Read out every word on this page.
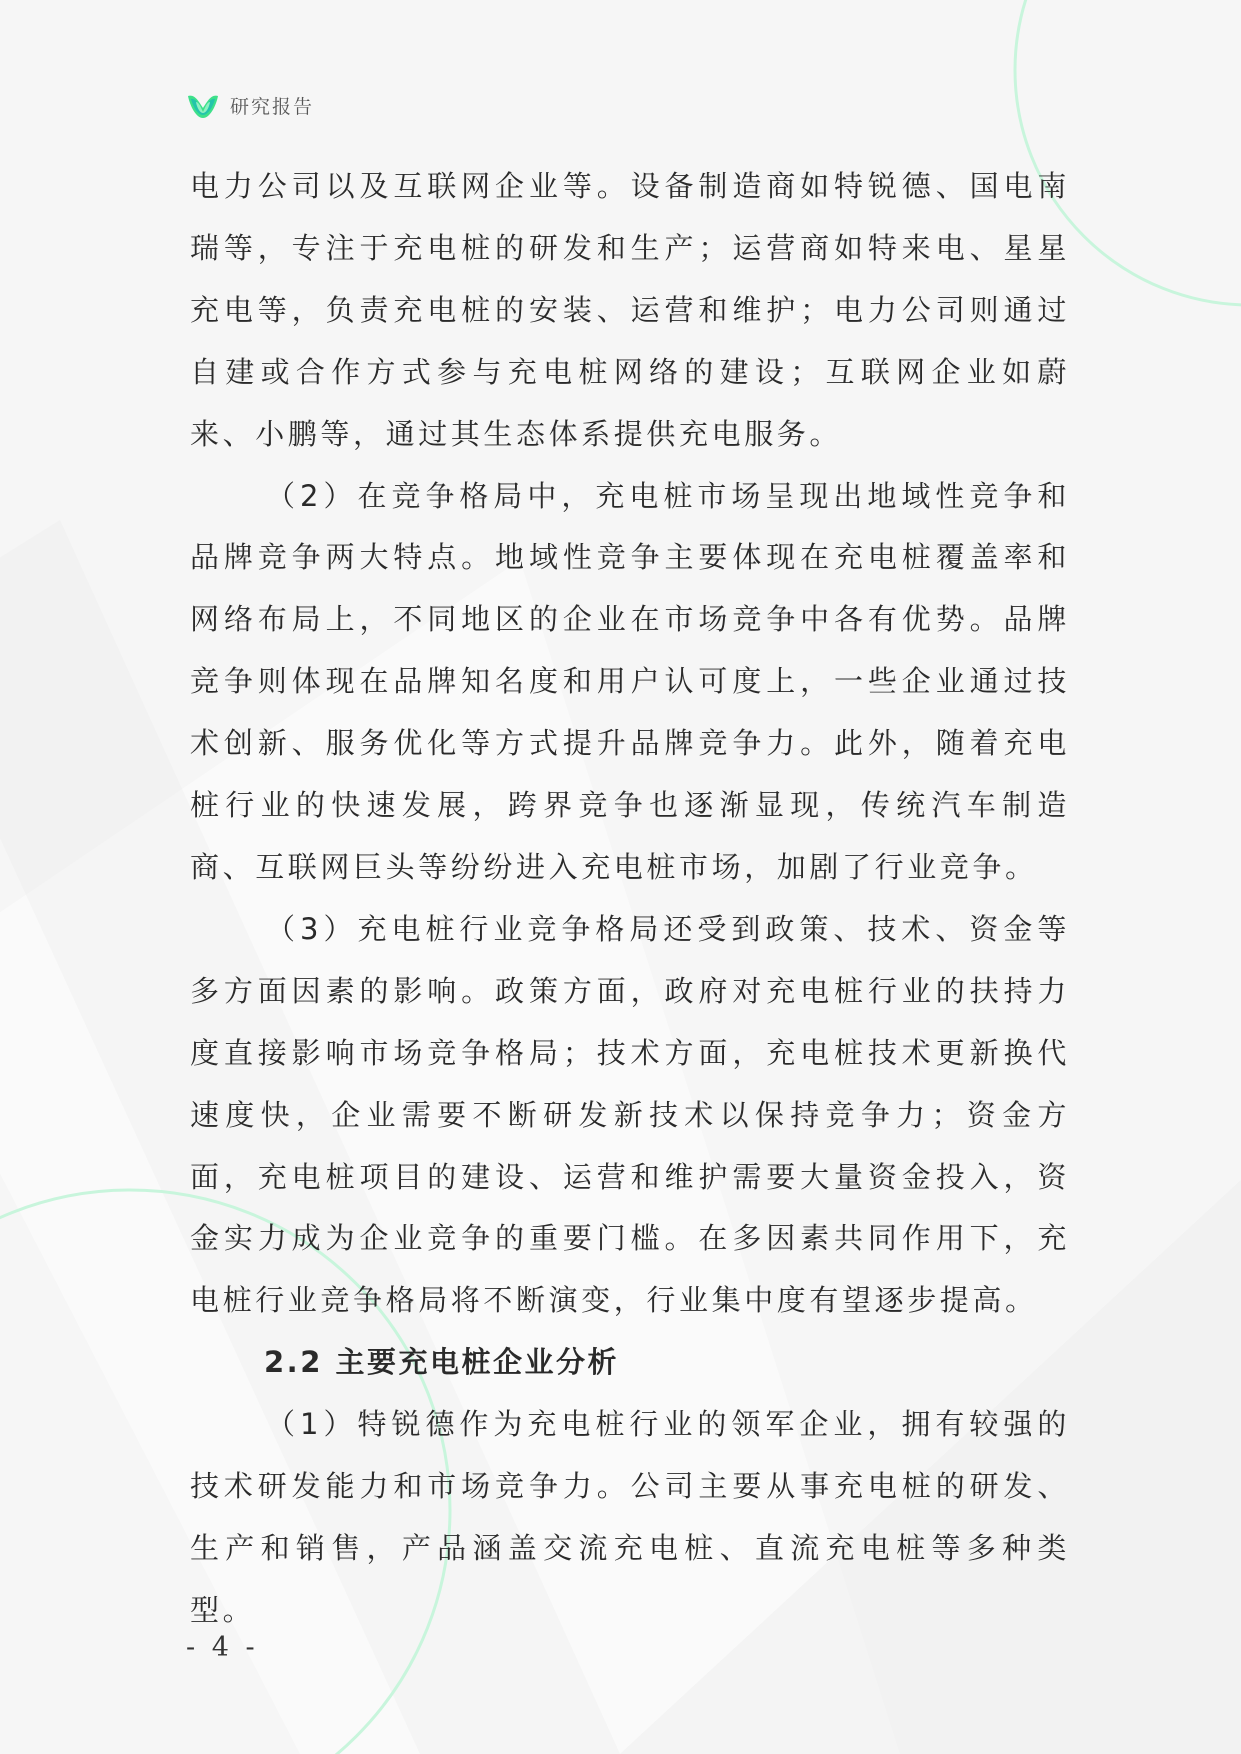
研究报告

电力公司以及互联网企业等。设备制造商如特锐德、国电南瑞等，专注于充电桩的研发和生产；运营商如特来电、星星充电等，负责充电桩的安装、运营和维护；电力公司则通过自建或合作方式参与充电桩网络的建设；互联网企业如蔚来、小鹏等，通过其生态体系提供充电服务。

（2）在竞争格局中，充电桩市场呈现出地域性竞争和品牌竞争两大特点。地域性竞争主要体现在充电桩覆盖率和网络布局上，不同地区的企业在市场竞争中各有优势。品牌竞争则体现在品牌知名度和用户认可度上，一些企业通过技术创新、服务优化等方式提升品牌竞争力。此外，随着充电桩行业的快速发展，跨界竞争也逐渐显现，传统汽车制造商、互联网巨头等纷纷进入充电桩市场，加剧了行业竞争。

（3）充电桩行业竞争格局还受到政策、技术、资金等多方面因素的影响。政策方面，政府对充电桩行业的扶持力度直接影响市场竞争格局；技术方面，充电桩技术更新换代速度快，企业需要不断研发新技术以保持竞争力；资金方面，充电桩项目的建设、运营和维护需要大量资金投入，资金实力成为企业竞争的重要门槛。在多因素共同作用下，充电桩行业竞争格局将不断演变，行业集中度有望逐步提高。

2.2 主要充电桩企业分析

（1）特锐德作为充电桩行业的领军企业，拥有较强的技术研发能力和市场竞争力。公司主要从事充电桩的研发、生产和销售，产品涵盖交流充电桩、直流充电桩等多种类型。

- 4 -
